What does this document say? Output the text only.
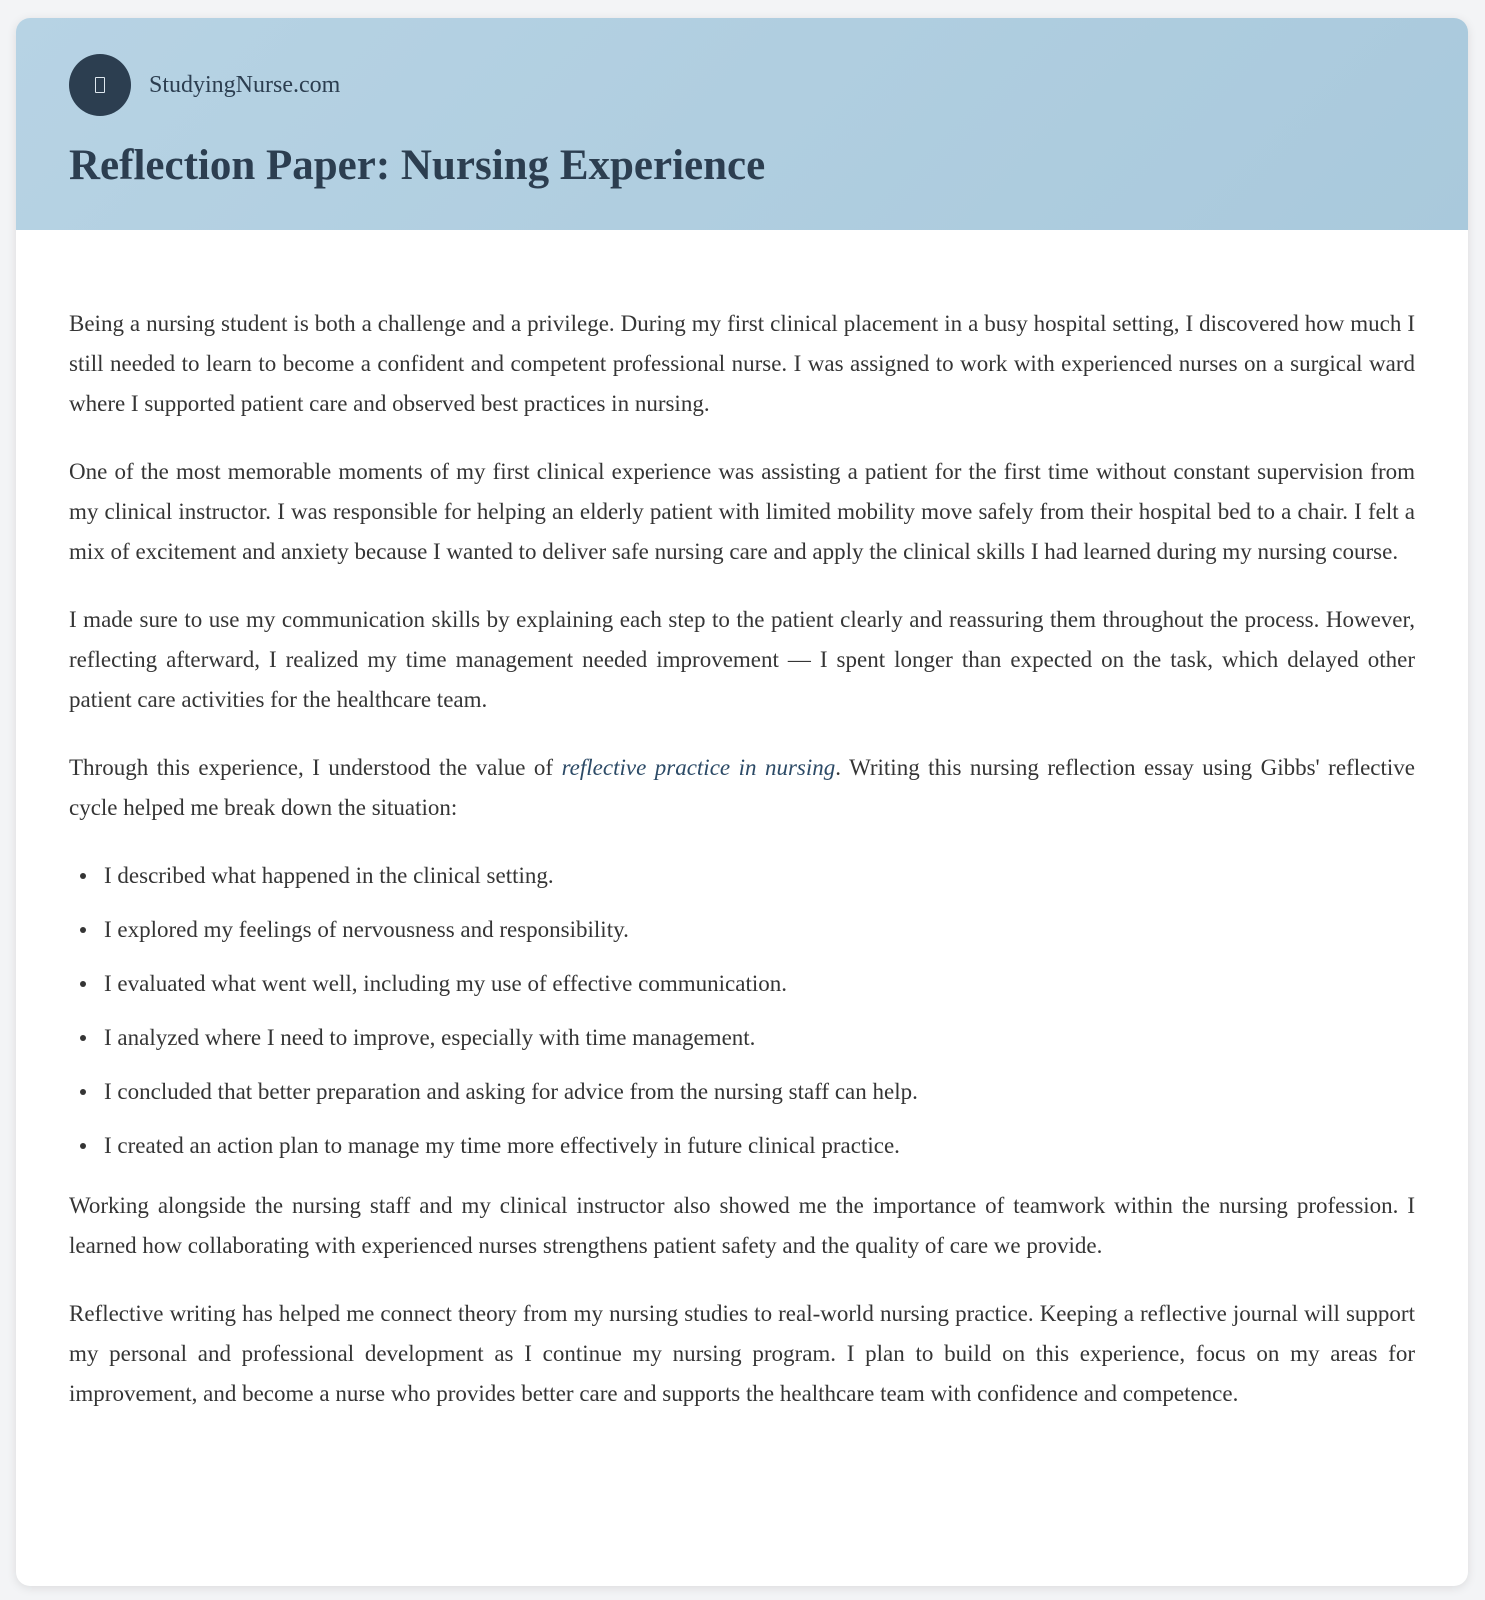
StudyingNurse.com
Reflection Paper: Nursing Experience

Being a nursing student is both a challenge and a privilege. During my first clinical placement in a busy hospital setting, I discovered how much I still needed to learn to become a confident and competent professional nurse. I was assigned to work with experienced nurses on a surgical ward where I supported patient care and observed best practices in nursing.

One of the most memorable moments of my first clinical experience was assisting a patient for the first time without constant supervision from my clinical instructor. I was responsible for helping an elderly patient with limited mobility move safely from their hospital bed to a chair. I felt a mix of excitement and anxiety because I wanted to deliver safe nursing care and apply the clinical skills I had learned during my nursing course.

I made sure to use my communication skills by explaining each step to the patient clearly and reassuring them throughout the process. However, reflecting afterward, I realized my time management needed improvement — I spent longer than expected on the task, which delayed other patient care activities for the healthcare team.

Through this experience, I understood the value of reflective practice in nursing. Writing this nursing reflection essay using Gibbs' reflective cycle helped me break down the situation:

I described what happened in the clinical setting.
I explored my feelings of nervousness and responsibility.
I evaluated what went well, including my use of effective communication.
I analyzed where I need to improve, especially with time management.
I concluded that better preparation and asking for advice from the nursing staff can help.
I created an action plan to manage my time more effectively in future clinical practice.

Working alongside the nursing staff and my clinical instructor also showed me the importance of teamwork within the nursing profession. I learned how collaborating with experienced nurses strengthens patient safety and the quality of care we provide.

Reflective writing has helped me connect theory from my nursing studies to real-world nursing practice. Keeping a reflective journal will support my personal and professional development as I continue my nursing program. I plan to build on this experience, focus on my areas for improvement, and become a nurse who provides better care and supports the healthcare team with confidence and competence.
